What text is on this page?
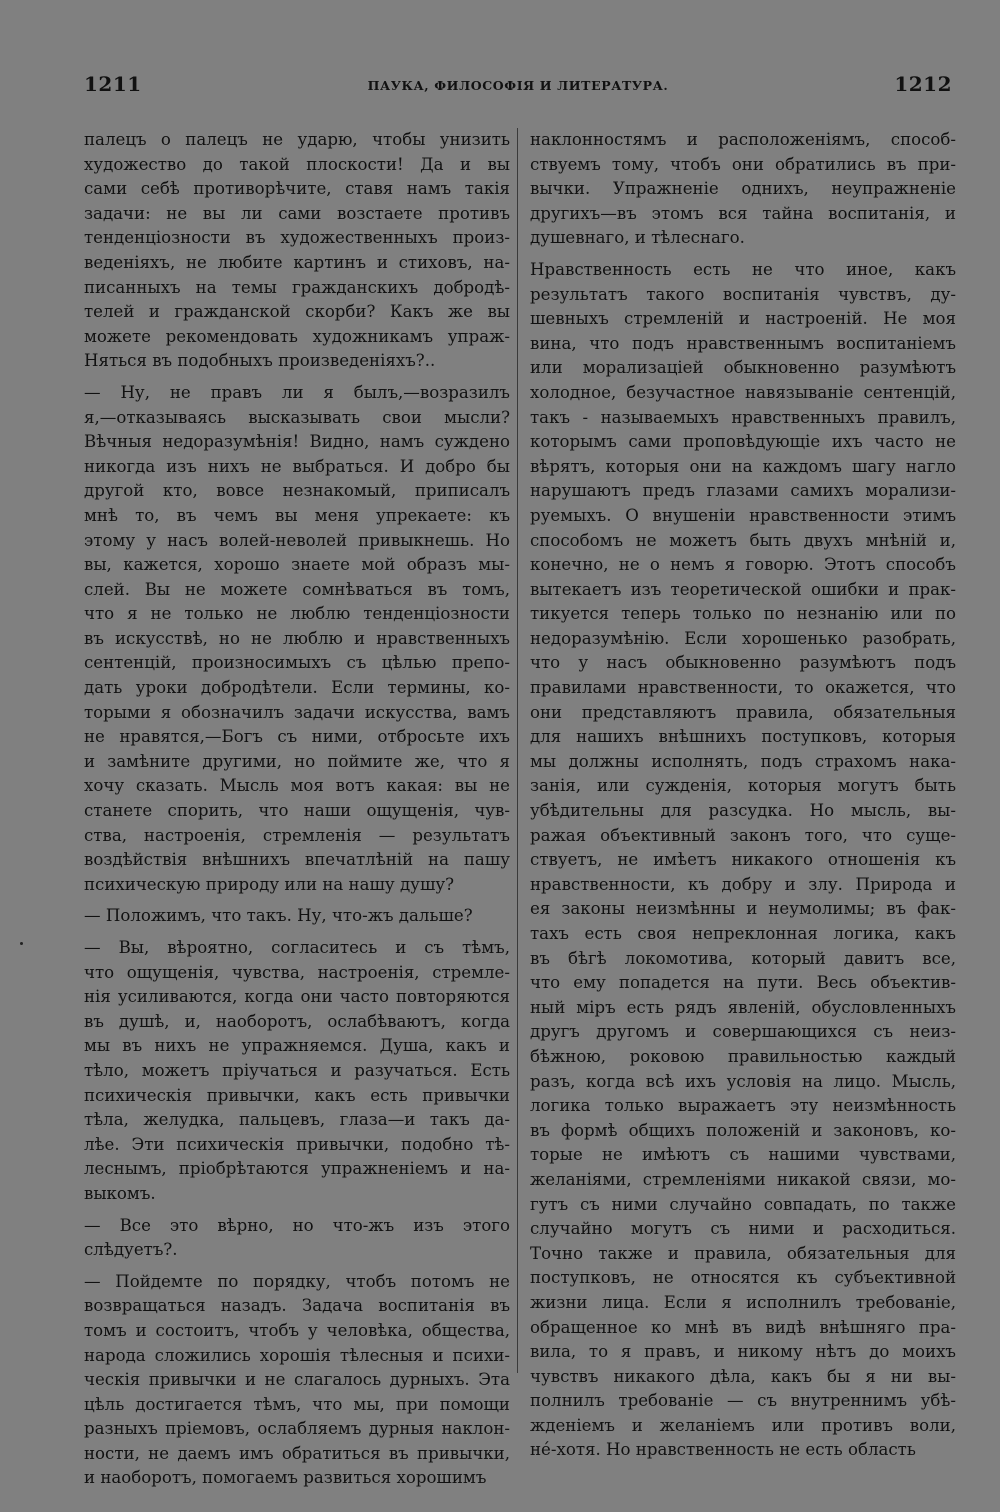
1211	ПАУКА, ФИЛОСОФІЯ И ЛИТЕРАТУРА.	1212
палецъ о палецъ не ударю, чтобы унизить
художество до такой плоскости! Да и вы
сами себѣ противорѣчите, ставя намъ такія
задачи: не вы ли сами возстаете противъ
тенденціозности въ художественныхъ произ-
веденіяхъ, не любите картинъ и стиховъ, на-
писанныхъ на темы гражданскихъ добродѣ-
телей и гражданской скорби? Какъ же вы
можете рекомендовать художникамъ упраж-
Няться въ подобныхъ произведеніяхъ?..
— Ну, не правъ ли я былъ,—возразилъ
я,—отказываясь высказывать свои мысли?
Вѣчныя недоразумѣнія! Видно, намъ суждено
никогда изъ нихъ не выбраться. И добро бы
другой кто, вовсе незнакомый, приписалъ
мнѣ то, въ чемъ вы меня упрекаете: къ
этому у насъ волей-неволей привыкнешь. Но
вы, кажется, хорошо знаете мой образъ мы-
слей. Вы не можете сомнѣваться въ томъ,
что я не только не люблю тенденціозности
въ искусствѣ, но не люблю и нравственныхъ
сентенцій, произносимыхъ съ цѣлью препо-
дать уроки добродѣтели. Если термины, ко-
торыми я обозначилъ задачи искусства, вамъ
не нравятся,—Богъ съ ними, отбросьте ихъ
и замѣните другими, но поймите же, что я
хочу сказать. Мысль моя вотъ какая: вы не
станете спорить, что наши ощущенія, чув-
ства, настроенія, стремленія — результатъ
воздѣйствія внѣшнихъ впечатлѣній на пашу
психическую природу или на нашу душу?
— Положимъ, что такъ. Ну, что-жъ дальше?
— Вы, вѣроятно, согласитесь и съ тѣмъ,
что ощущенія, чувства, настроенія, стремле-
нія усиливаются, когда они часто повторяются
въ душѣ, и, наоборотъ, ослабѣваютъ, когда
мы въ нихъ не упражняемся. Душа, какъ и
тѣло, можетъ пріучаться и разучаться. Есть
психическія привычки, какъ есть привычки
тѣла, желудка, пальцевъ, глаза—и такъ да-
лѣе. Эти психическія привычки, подобно тѣ-
леснымъ, пріобрѣтаются упражненіемъ и на-
выкомъ.
— Все это вѣрно, но что-жъ изъ этого
слѣдуетъ?.
— Пойдемте по порядку, чтобъ потомъ не
возвращаться назадъ. Задача воспитанія въ
томъ и состоитъ, чтобъ у человѣка, общества,
народа сложились хорошія тѣлесныя и психи-
ческія привычки и не слагалось дурныхъ. Эта
цѣль достигается тѣмъ, что мы, при помощи
разныхъ пріемовъ, ослабляемъ дурныя наклон-
ности, не даемъ имъ обратиться въ привычки,
и наоборотъ, помогаемъ развиться хорошимъ
наклонностямъ и расположеніямъ, способ-
ствуемъ тому, чтобъ они обратились въ при-
вычки. Упражненіе однихъ, неупражненіе
другихъ—въ этомъ вся тайна воспитанія, и
душевнаго, и тѣлеснаго.
Нравственность есть не что иное, какъ
результатъ такого воспитанія чувствъ, ду-
шевныхъ стремленій и настроеній. Не моя
вина, что подъ нравственнымъ воспитаніемъ
или морализаціей обыкновенно разумѣютъ
холодное, безучастное навязываніе сентенцій,
такъ - называемыхъ нравственныхъ правилъ,
которымъ сами проповѣдующіе ихъ часто не
вѣрятъ, которыя они на каждомъ шагу нагло
нарушаютъ предъ глазами самихъ морализи-
руемыхъ. О внушеніи нравственности этимъ
способомъ не можетъ быть двухъ мнѣній и,
конечно, не о немъ я говорю. Этотъ способъ
вытекаетъ изъ теоретической ошибки и прак-
тикуется теперь только по незнанію или по
недоразумѣнію. Если хорошенько разобрать,
что у насъ обыкновенно разумѣютъ подъ
правилами нравственности, то окажется, что
они представляютъ правила, обязательныя
для нашихъ внѣшнихъ поступковъ, которыя
мы должны исполнять, подъ страхомъ нака-
занія, или сужденія, которыя могутъ быть
убѣдительны для разсудка. Но мысль, вы-
ражая объективный законъ того, что суще-
ствуетъ, не имѣетъ никакого отношенія къ
нравственности, къ добру и злу. Природа и
ея законы неизмѣнны и неумолимы; въ фак-
тахъ есть своя непреклонная логика, какъ
въ бѣгѣ локомотива, который давитъ все,
что ему попадется на пути. Весь объектив-
ный міръ есть рядъ явленій, обусловленныхъ
другъ другомъ и совершающихся съ неиз-
бѣжною, роковою правильностью каждый
разъ, когда всѣ ихъ условія на лицо. Мысль,
логика только выражаетъ эту неизмѣнность
въ формѣ общихъ положеній и законовъ, ко-
торые не имѣютъ съ нашими чувствами,
желаніями, стремленіями никакой связи, мо-
гутъ съ ними случайно совпадать, по также
случайно могутъ съ ними и расходиться.
Точно также и правила, обязательныя для
поступковъ, не относятся къ субъективной
жизни лица. Если я исполнилъ требованіе,
обращенное ко мнѣ въ видѣ внѣшняго пра-
вила, то я правъ, и никому нѣтъ до моихъ
чувствъ никакого дѣла, какъ бы я ни вы-
полнилъ требованіе — съ внутреннимъ убѣ-
жденіемъ и желаніемъ или противъ воли,
нé-хотя. Но нравственность не есть область
